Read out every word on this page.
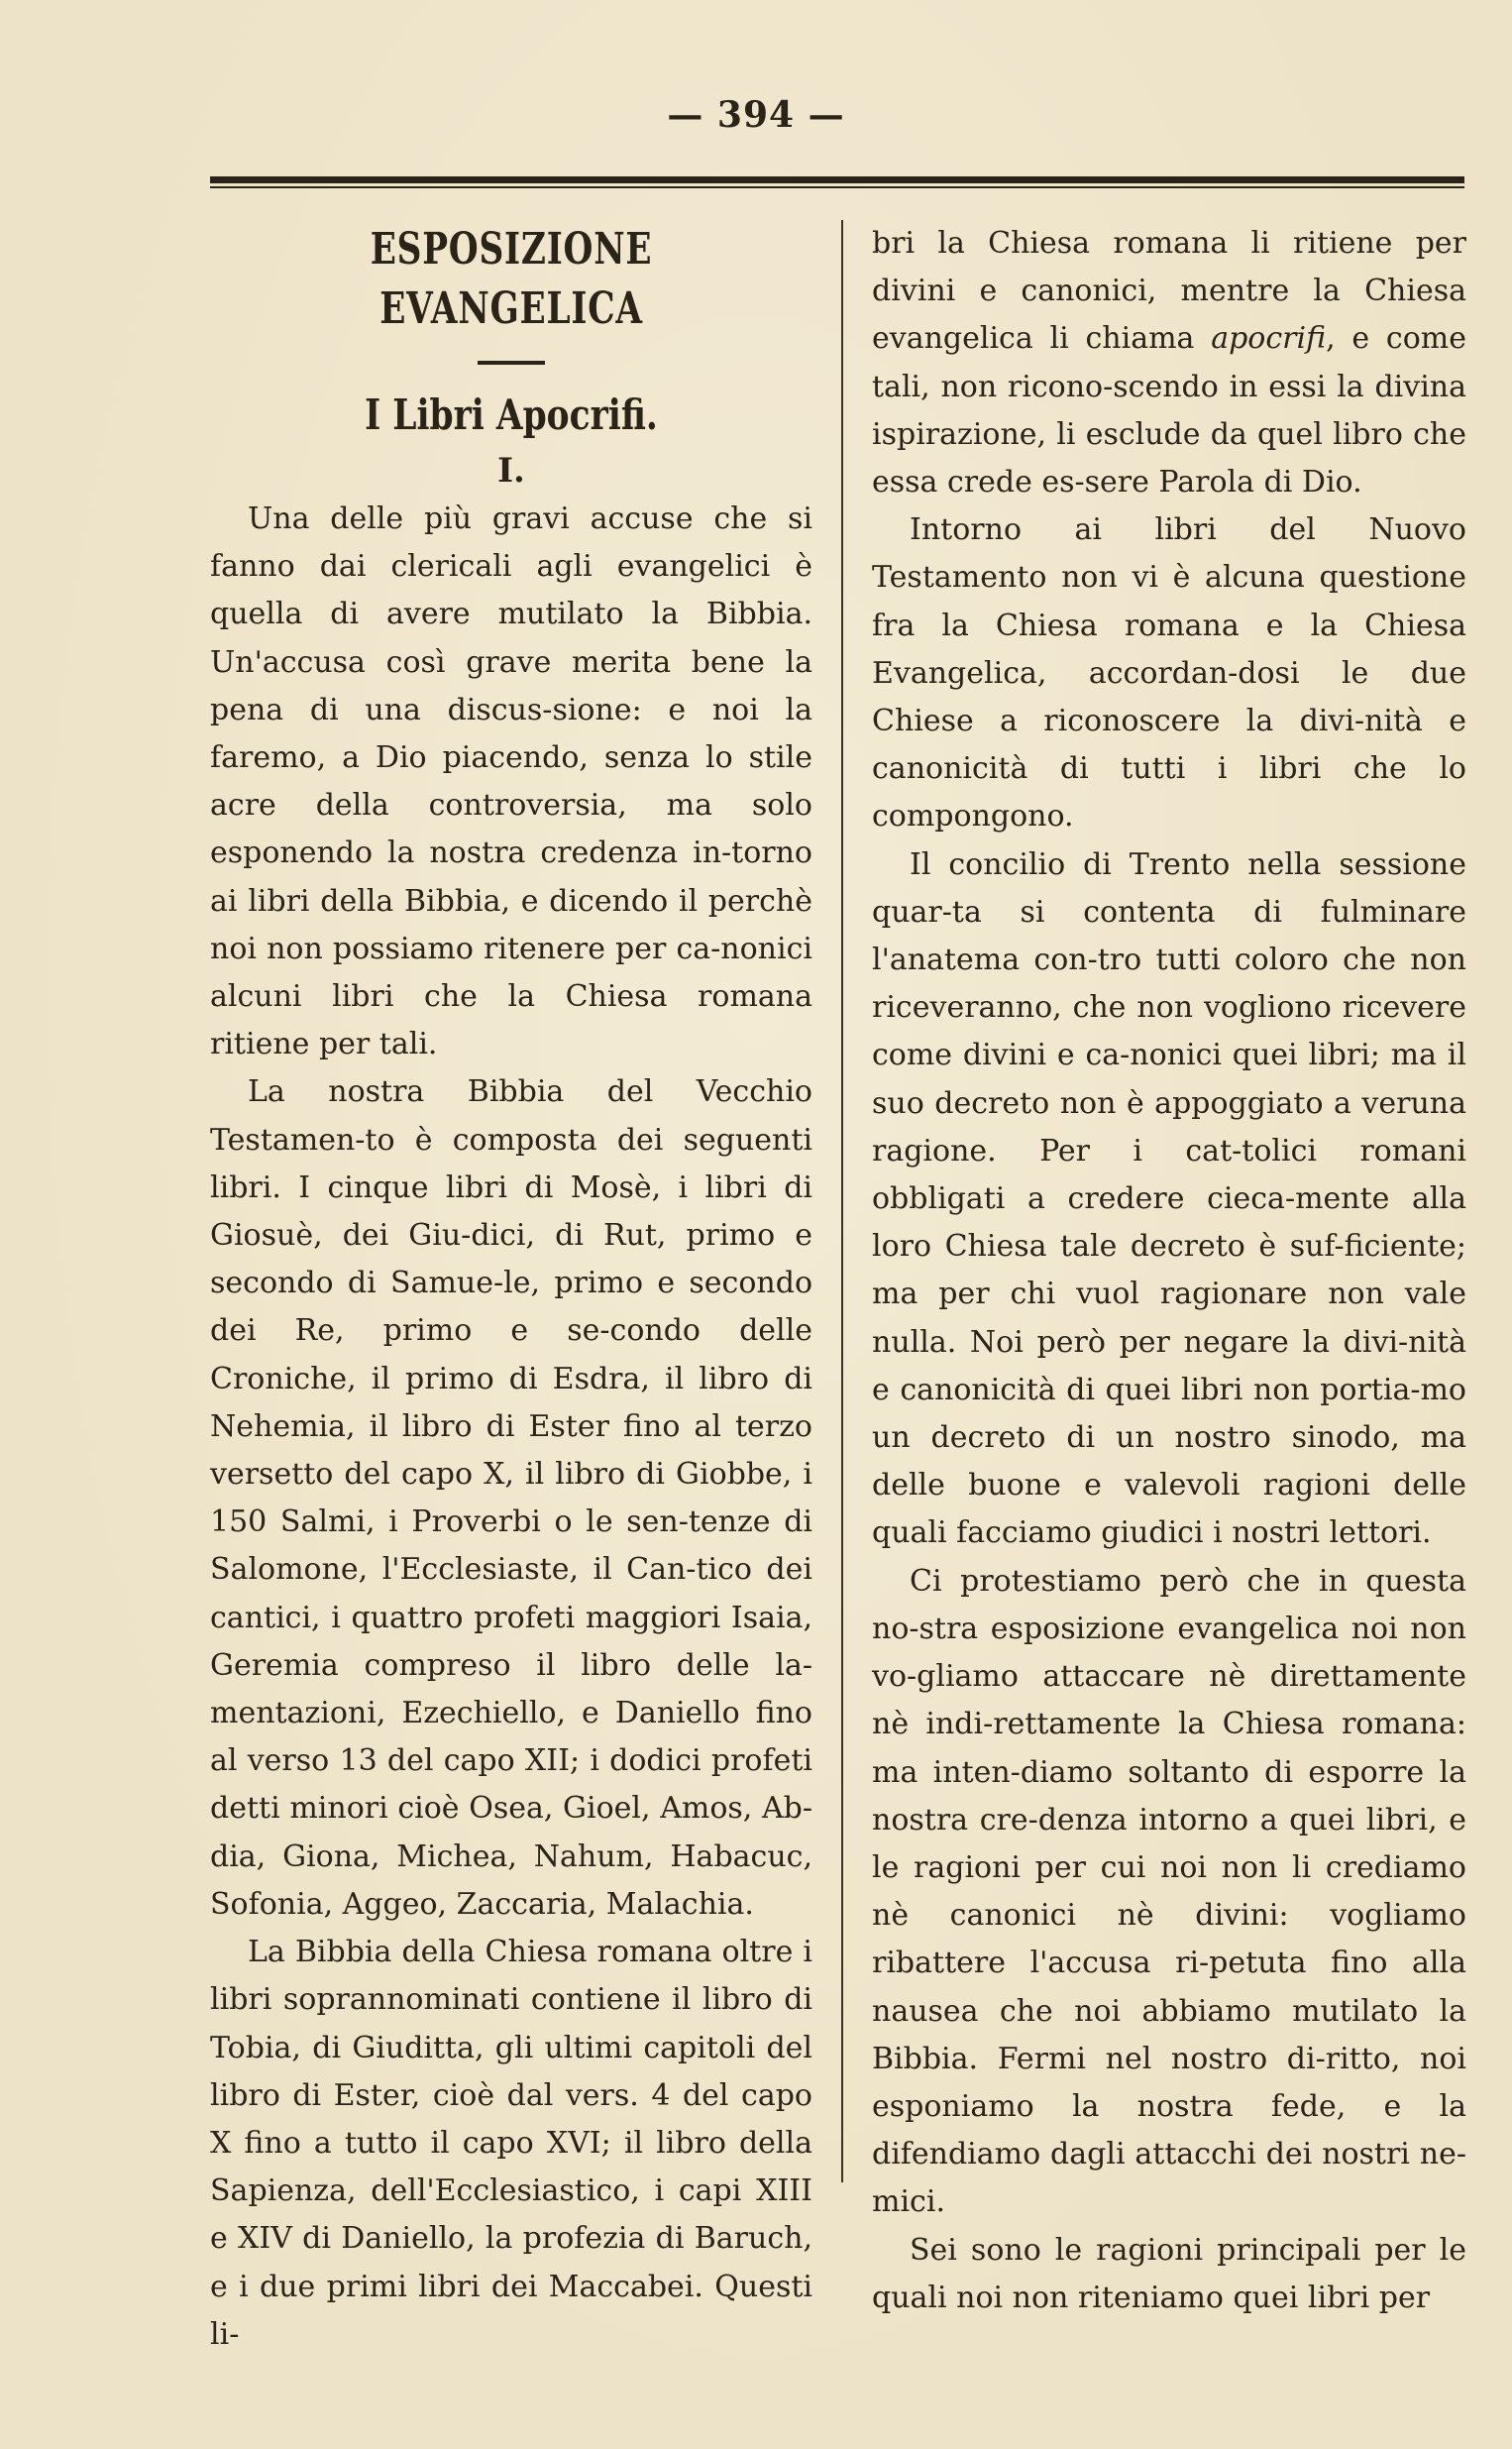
— 394 —
ESPOSIZIONE EVANGELICA
I Libri Apocrifi.
I.

Una delle più gravi accuse che si fanno dai clericali agli evangelici è quella di avere mutilato la Bibbia. Un'accusa così grave merita bene la pena di una discus-sione: e noi la faremo, a Dio piacendo, senza lo stile acre della controversia, ma solo esponendo la nostra credenza in-torno ai libri della Bibbia, e dicendo il perchè noi non possiamo ritenere per ca-nonici alcuni libri che la Chiesa romana ritiene per tali.

La nostra Bibbia del Vecchio Testamen-to è composta dei seguenti libri. I cinque libri di Mosè, i libri di Giosuè, dei Giu-dici, di Rut, primo e secondo di Samue-le, primo e secondo dei Re, primo e se-condo delle Croniche, il primo di Esdra, il libro di Nehemia, il libro di Ester fino al terzo versetto del capo X, il libro di Giobbe, i 150 Salmi, i Proverbi o le sen-tenze di Salomone, l'Ecclesiaste, il Can-tico dei cantici, i quattro profeti maggiori Isaia, Geremia compreso il libro delle la-mentazioni, Ezechiello, e Daniello fino al verso 13 del capo XII; i dodici profeti detti minori cioè Osea, Gioel, Amos, Ab-dia, Giona, Michea, Nahum, Habacuc, Sofonia, Aggeo, Zaccaria, Malachia.

La Bibbia della Chiesa romana oltre i libri soprannominati contiene il libro di Tobia, di Giuditta, gli ultimi capitoli del libro di Ester, cioè dal vers. 4 del capo X fino a tutto il capo XVI; il libro della Sapienza, dell'Ecclesiastico, i capi XIII e XIV di Daniello, la profezia di Baruch, e i due primi libri dei Maccabei. Questi li-

bri la Chiesa romana li ritiene per divini e canonici, mentre la Chiesa evangelica li chiama apocrifi, e come tali, non ricono-scendo in essi la divina ispirazione, li esclude da quel libro che essa crede es-sere Parola di Dio.

Intorno ai libri del Nuovo Testamento non vi è alcuna questione fra la Chiesa romana e la Chiesa Evangelica, accordan-dosi le due Chiese a riconoscere la divi-nità e canonicità di tutti i libri che lo compongono.

Il concilio di Trento nella sessione quar-ta si contenta di fulminare l'anatema con-tro tutti coloro che non riceveranno, che non vogliono ricevere come divini e ca-nonici quei libri; ma il suo decreto non è appoggiato a veruna ragione. Per i cat-tolici romani obbligati a credere cieca-mente alla loro Chiesa tale decreto è suf-ficiente; ma per chi vuol ragionare non vale nulla. Noi però per negare la divi-nità e canonicità di quei libri non portia-mo un decreto di un nostro sinodo, ma delle buone e valevoli ragioni delle quali facciamo giudici i nostri lettori.

Ci protestiamo però che in questa no-stra esposizione evangelica noi non vo-gliamo attaccare nè direttamente nè indi-rettamente la Chiesa romana: ma inten-diamo soltanto di esporre la nostra cre-denza intorno a quei libri, e le ragioni per cui noi non li crediamo nè canonici nè divini: vogliamo ribattere l'accusa ri-petuta fino alla nausea che noi abbiamo mutilato la Bibbia. Fermi nel nostro di-ritto, noi esponiamo la nostra fede, e la difendiamo dagli attacchi dei nostri ne-mici.

Sei sono le ragioni principali per le quali noi non riteniamo quei libri per
